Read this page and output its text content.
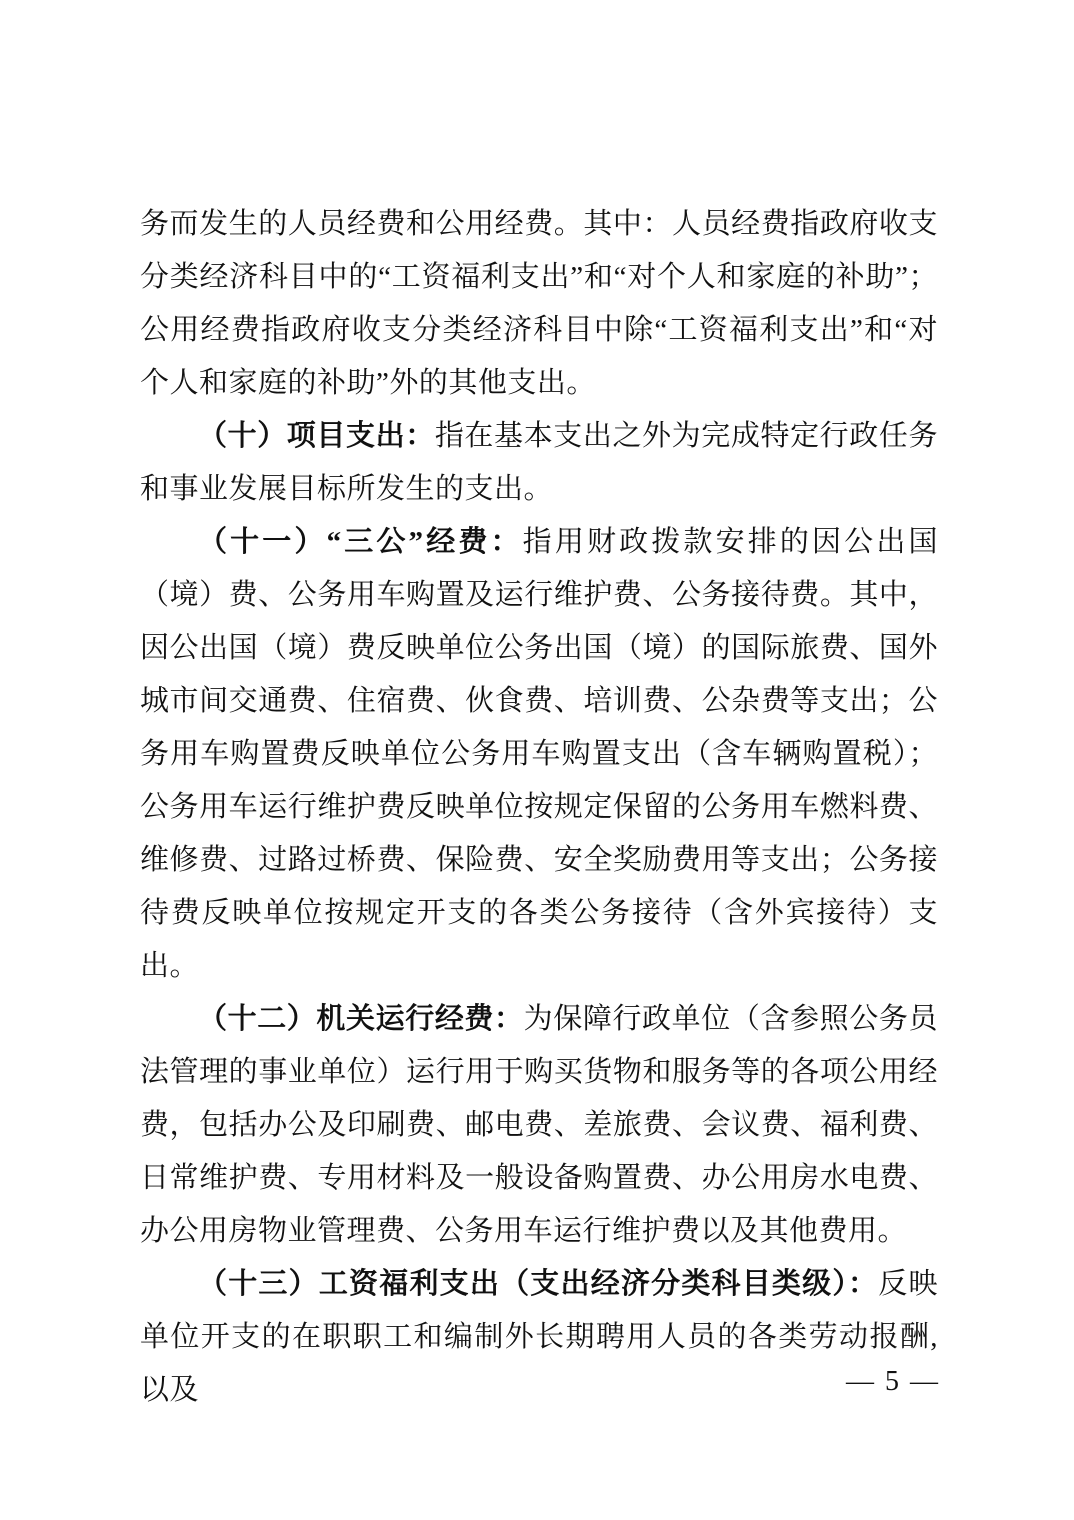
务而发生的人员经费和公用经费。其中：人员经费指政府收支分类经济科目中的“工资福利支出”和“对个人和家庭的补助”；公用经费指政府收支分类经济科目中除“工资福利支出”和“对个人和家庭的补助”外的其他支出。

（十）项目支出：指在基本支出之外为完成特定行政任务和事业发展目标所发生的支出。

（十一）“三公”经费：指用财政拨款安排的因公出国（境）费、公务用车购置及运行维护费、公务接待费。其中，因公出国（境）费反映单位公务出国（境）的国际旅费、国外城市间交通费、住宿费、伙食费、培训费、公杂费等支出；公务用车购置费反映单位公务用车购置支出（含车辆购置税）；公务用车运行维护费反映单位按规定保留的公务用车燃料费、维修费、过路过桥费、保险费、安全奖励费用等支出；公务接待费反映单位按规定开支的各类公务接待（含外宾接待）支出。

（十二）机关运行经费：为保障行政单位（含参照公务员法管理的事业单位）运行用于购买货物和服务等的各项公用经费，包括办公及印刷费、邮电费、差旅费、会议费、福利费、日常维护费、专用材料及一般设备购置费、办公用房水电费、办公用房物业管理费、公务用车运行维护费以及其他费用。

（十三）工资福利支出（支出经济分类科目类级）：反映单位开支的在职职工和编制外长期聘用人员的各类劳动报酬,以及	— 5 —
